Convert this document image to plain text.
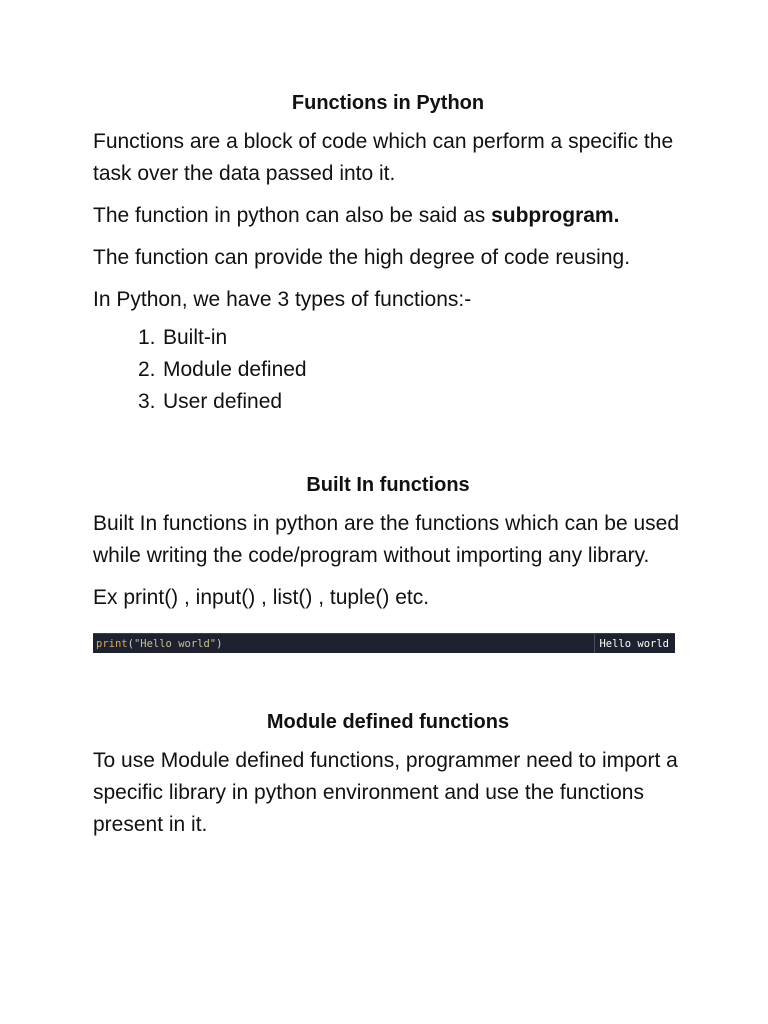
Functions in Python

Functions are a block of code which can perform a specific the task over the data passed into it.

The function in python can also be said as subprogram.

The function can provide the high degree of code reusing.

In Python, we have 3 types of functions:-

1. Built-in
2. Module defined
3. User defined
Built In functions

Built In functions in python are the functions which can be used while writing the code/program without importing any library.

Ex print() , input() , list() , tuple() etc.

print("Hello world")	Hello world
Module defined functions

To use Module defined functions, programmer need to import a specific library in python environment and use the functions present in it.
